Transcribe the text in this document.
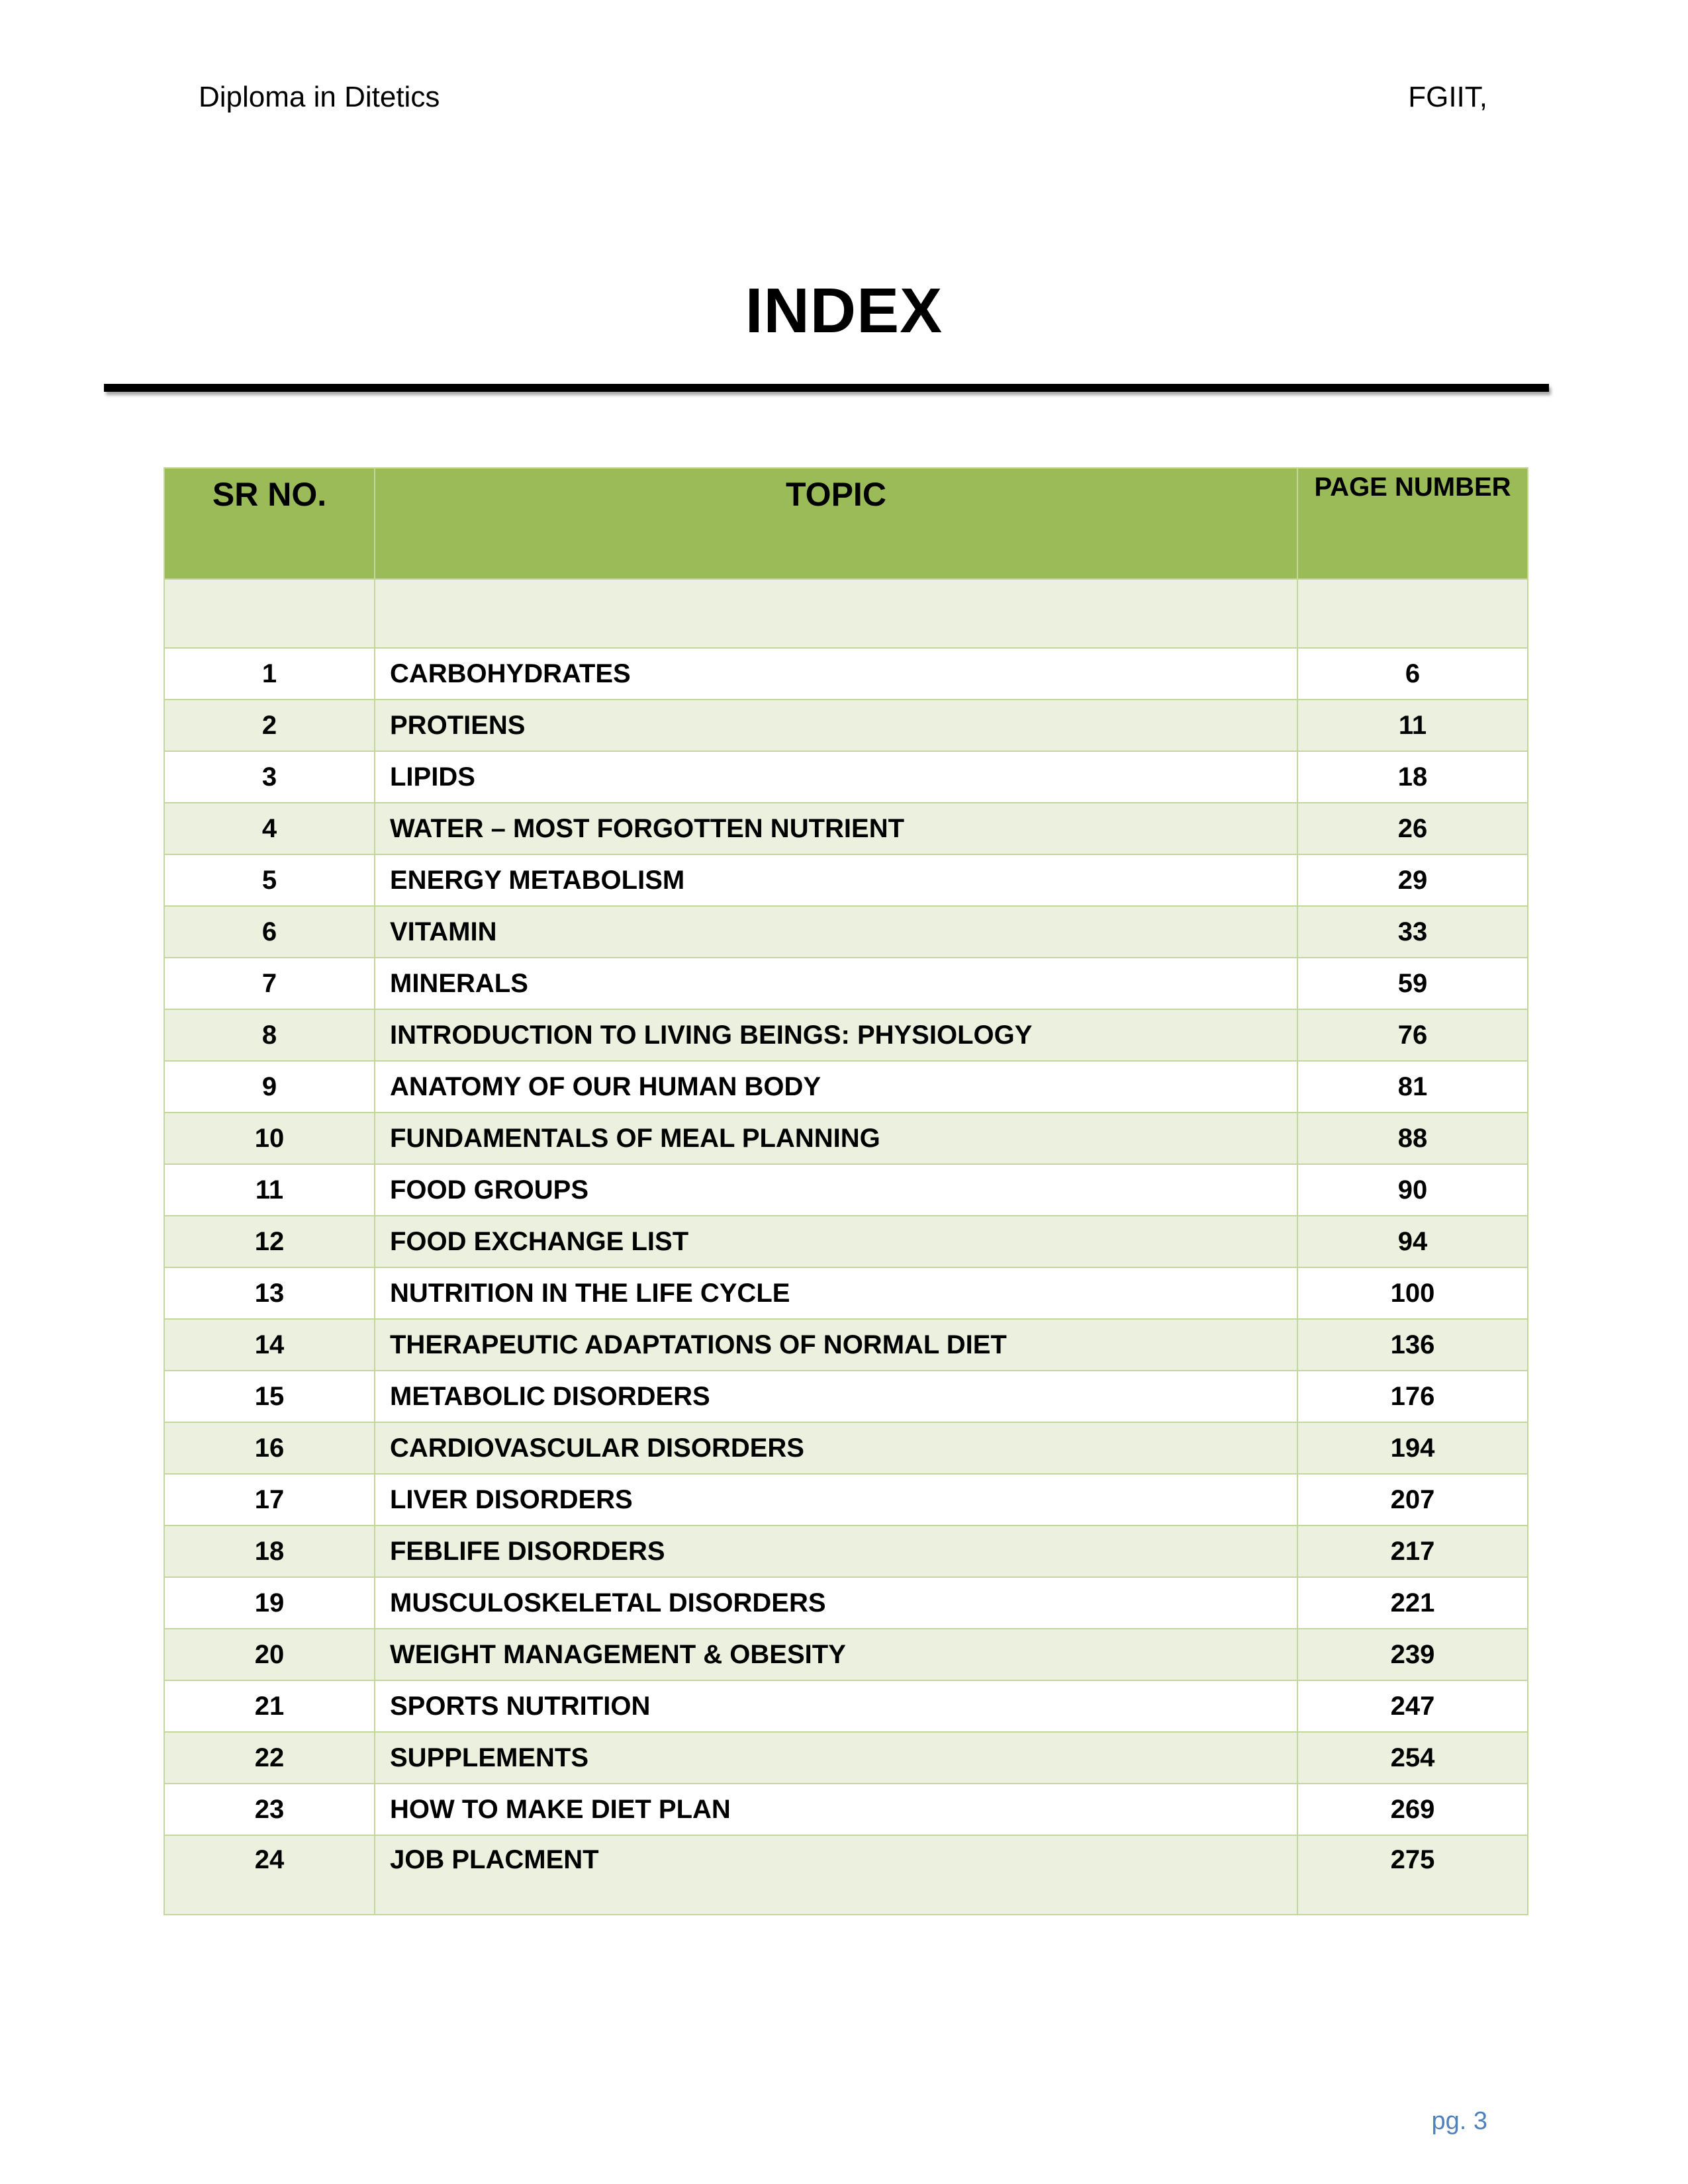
Diploma in Ditetics	FGIIT,
INDEX
SR NO.	TOPIC	PAGE NUMBER

1	CARBOHYDRATES	6
2	PROTIENS	11
3	LIPIDS	18
4	WATER – MOST FORGOTTEN NUTRIENT	26
5	ENERGY METABOLISM	29
6	VITAMIN	33
7	MINERALS	59
8	INTRODUCTION TO LIVING BEINGS: PHYSIOLOGY	76
9	ANATOMY OF OUR HUMAN BODY	81
10	FUNDAMENTALS OF MEAL PLANNING	88
11	FOOD GROUPS	90
12	FOOD EXCHANGE LIST	94
13	NUTRITION IN THE LIFE CYCLE	100
14	THERAPEUTIC ADAPTATIONS OF NORMAL DIET	136
15	METABOLIC DISORDERS	176
16	CARDIOVASCULAR DISORDERS	194
17	LIVER DISORDERS	207
18	FEBLIFE DISORDERS	217
19	MUSCULOSKELETAL DISORDERS	221
20	WEIGHT MANAGEMENT & OBESITY	239
21	SPORTS NUTRITION	247
22	SUPPLEMENTS	254
23	HOW TO MAKE DIET PLAN	269
24	JOB PLACMENT	275
pg. 3
